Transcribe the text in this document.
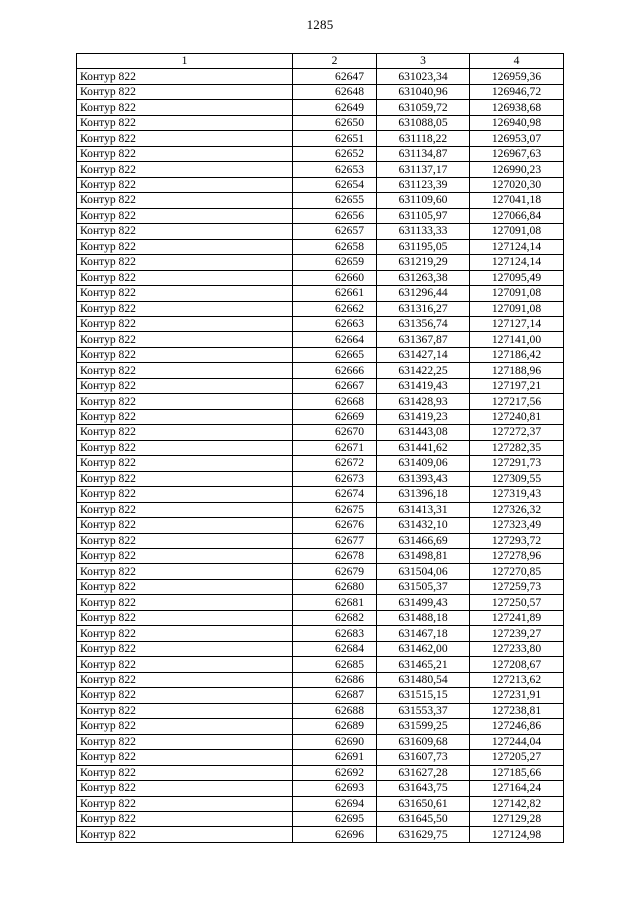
1285
1	2	3	4
Контур 822	62647	631023,34	126959,36
Контур 822	62648	631040,96	126946,72
Контур 822	62649	631059,72	126938,68
Контур 822	62650	631088,05	126940,98
Контур 822	62651	631118,22	126953,07
Контур 822	62652	631134,87	126967,63
Контур 822	62653	631137,17	126990,23
Контур 822	62654	631123,39	127020,30
Контур 822	62655	631109,60	127041,18
Контур 822	62656	631105,97	127066,84
Контур 822	62657	631133,33	127091,08
Контур 822	62658	631195,05	127124,14
Контур 822	62659	631219,29	127124,14
Контур 822	62660	631263,38	127095,49
Контур 822	62661	631296,44	127091,08
Контур 822	62662	631316,27	127091,08
Контур 822	62663	631356,74	127127,14
Контур 822	62664	631367,87	127141,00
Контур 822	62665	631427,14	127186,42
Контур 822	62666	631422,25	127188,96
Контур 822	62667	631419,43	127197,21
Контур 822	62668	631428,93	127217,56
Контур 822	62669	631419,23	127240,81
Контур 822	62670	631443,08	127272,37
Контур 822	62671	631441,62	127282,35
Контур 822	62672	631409,06	127291,73
Контур 822	62673	631393,43	127309,55
Контур 822	62674	631396,18	127319,43
Контур 822	62675	631413,31	127326,32
Контур 822	62676	631432,10	127323,49
Контур 822	62677	631466,69	127293,72
Контур 822	62678	631498,81	127278,96
Контур 822	62679	631504,06	127270,85
Контур 822	62680	631505,37	127259,73
Контур 822	62681	631499,43	127250,57
Контур 822	62682	631488,18	127241,89
Контур 822	62683	631467,18	127239,27
Контур 822	62684	631462,00	127233,80
Контур 822	62685	631465,21	127208,67
Контур 822	62686	631480,54	127213,62
Контур 822	62687	631515,15	127231,91
Контур 822	62688	631553,37	127238,81
Контур 822	62689	631599,25	127246,86
Контур 822	62690	631609,68	127244,04
Контур 822	62691	631607,73	127205,27
Контур 822	62692	631627,28	127185,66
Контур 822	62693	631643,75	127164,24
Контур 822	62694	631650,61	127142,82
Контур 822	62695	631645,50	127129,28
Контур 822	62696	631629,75	127124,98
